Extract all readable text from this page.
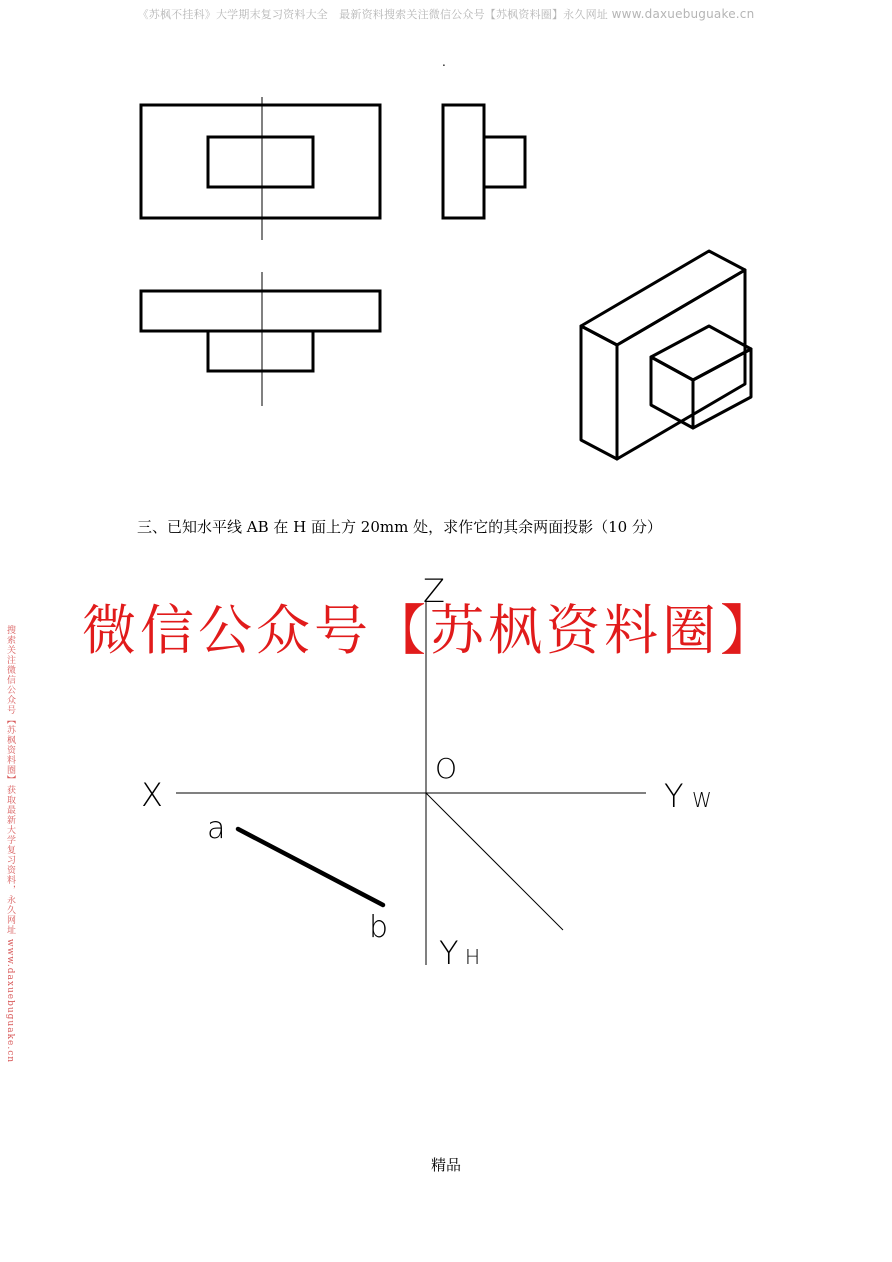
《苏枫不挂科》大学期末复习资料大全　最新资料搜索关注微信公众号【苏枫资料圈】永久网址 www.daxuebuguake.cn
.
Z
X
O
Y W
Y H
a
b
三、已知水平线 AB 在 H 面上方 20mm 处，求作它的其余两面投影（10 分）
微信公众号【苏枫资料圈】
搜索关注微信公众号【苏枫资料圈】获取最新大学复习资料，永久网址 www.daxuebuguake.cn
精品
